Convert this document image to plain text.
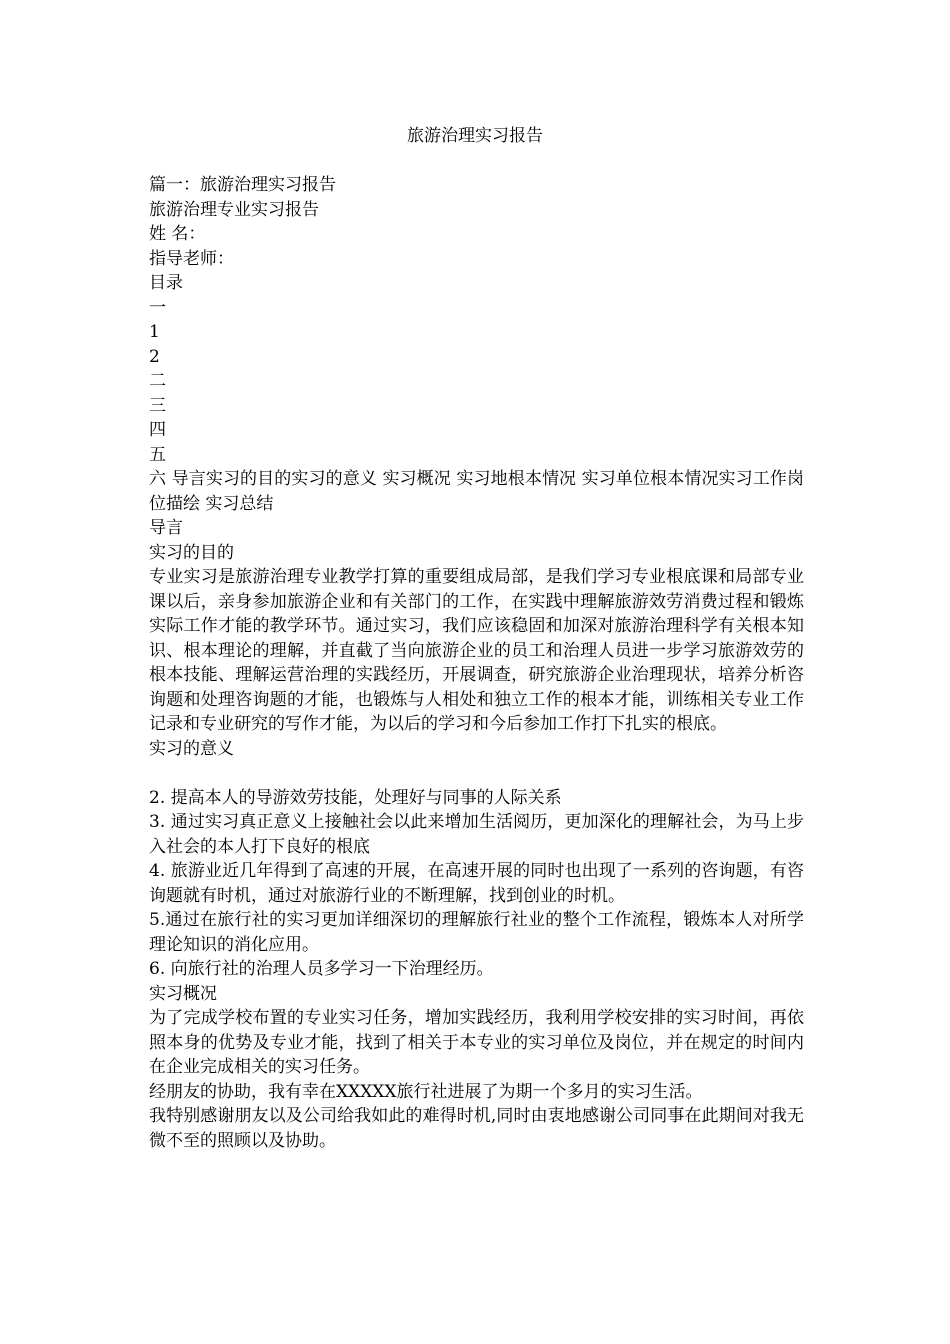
旅游治理实习报告
篇一：旅游治理实习报告
旅游治理专业实习报告
姓 名：
指导老师：
目录
一
1
2
二
三
四
五
六 导言实习的目的实习的意义 实习概况 实习地根本情况 实习单位根本情况实习工作岗位描绘 实习总结
导言
实习的目的
专业实习是旅游治理专业教学打算的重要组成局部，是我们学习专业根底课和局部专业课以后，亲身参加旅游企业和有关部门的工作，在实践中理解旅游效劳消费过程和锻炼实际工作才能的教学环节。通过实习，我们应该稳固和加深对旅游治理科学有关根本知识、根本理论的理解，并直截了当向旅游企业的员工和治理人员进一步学习旅游效劳的根本技能、理解运营治理的实践经历，开展调查，研究旅游企业治理现状，培养分析咨询题和处理咨询题的才能，也锻炼与人相处和独立工作的根本才能，训练相关专业工作记录和专业研究的写作才能，为以后的学习和今后参加工作打下扎实的根底。
实习的意义
2. 提高本人的导游效劳技能，处理好与同事的人际关系
3. 通过实习真正意义上接触社会以此来增加生活阅历，更加深化的理解社会，为马上步入社会的本人打下良好的根底
4. 旅游业近几年得到了高速的开展，在高速开展的同时也出现了一系列的咨询题，有咨询题就有时机，通过对旅游行业的不断理解，找到创业的时机。
5.通过在旅行社的实习更加详细深切的理解旅行社业的整个工作流程，锻炼本人对所学理论知识的消化应用。
6. 向旅行社的治理人员多学习一下治理经历。
实习概况
为了完成学校布置的专业实习任务，增加实践经历，我利用学校安排的实习时间，再依照本身的优势及专业才能，找到了相关于本专业的实习单位及岗位，并在规定的时间内在企业完成相关的实习任务。
经朋友的协助，我有幸在XXXXX旅行社进展了为期一个多月的实习生活。
我特别感谢朋友以及公司给我如此的难得时机,同时由衷地感谢公司同事在此期间对我无微不至的照顾以及协助。
